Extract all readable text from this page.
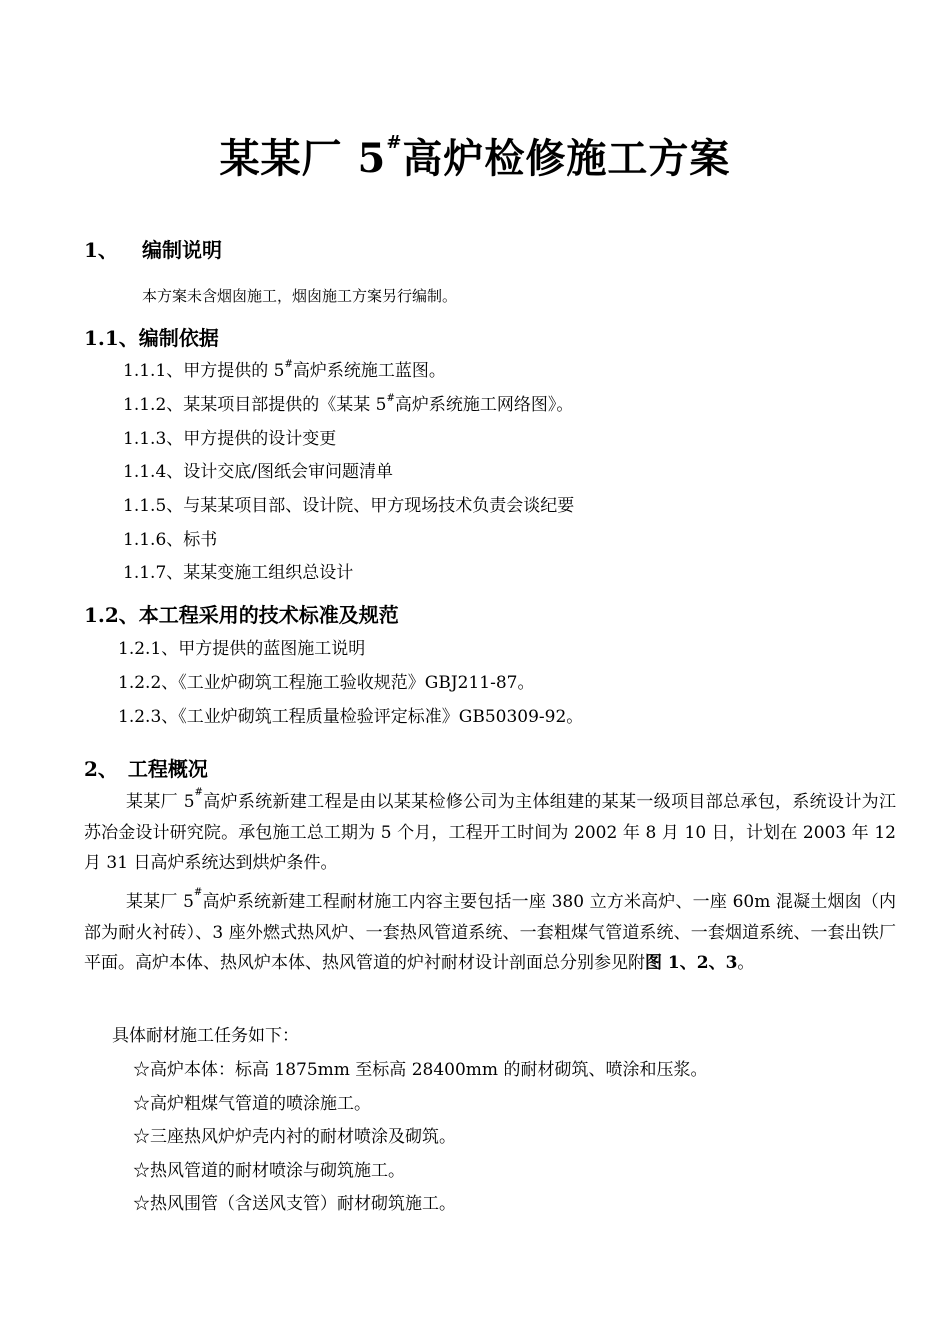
某某厂 5#高炉检修施工方案
1、 编制说明
本方案未含烟囱施工，烟囱施工方案另行编制。
1.1、编制依据
1.1.1、甲方提供的 5#高炉系统施工蓝图。
1.1.2、某某项目部提供的《某某 5#高炉系统施工网络图》。
1.1.3、甲方提供的设计变更
1.1.4、设计交底/图纸会审问题清单
1.1.5、与某某项目部、设计院、甲方现场技术负责会谈纪要
1.1.6、标书
1.1.7、某某变施工组织总设计
1.2、本工程采用的技术标准及规范
1.2.1、甲方提供的蓝图施工说明
1.2.2、《工业炉砌筑工程施工验收规范》GBJ211-87。
1.2.3、《工业炉砌筑工程质量检验评定标准》GB50309-92。
2、 工程概况
某某厂 5#高炉系统新建工程是由以某某检修公司为主体组建的某某一级项目部总承包，系统设计为江苏冶金设计研究院。承包施工总工期为 5 个月，工程开工时间为 2002 年 8 月 10 日，计划在 2003 年 12 月 31 日高炉系统达到烘炉条件。
某某厂 5#高炉系统新建工程耐材施工内容主要包括一座 380 立方米高炉、一座 60m 混凝土烟囱（内部为耐火衬砖）、3 座外燃式热风炉、一套热风管道系统、一套粗煤气管道系统、一套烟道系统、一套出铁厂平面。高炉本体、热风炉本体、热风管道的炉衬耐材设计剖面总分别参见附图 1、2、3。
具体耐材施工任务如下：
☆高炉本体：标高 1875mm 至标高 28400mm 的耐材砌筑、喷涂和压浆。
☆高炉粗煤气管道的喷涂施工。
☆三座热风炉炉壳内衬的耐材喷涂及砌筑。
☆热风管道的耐材喷涂与砌筑施工。
☆热风围管（含送风支管）耐材砌筑施工。
